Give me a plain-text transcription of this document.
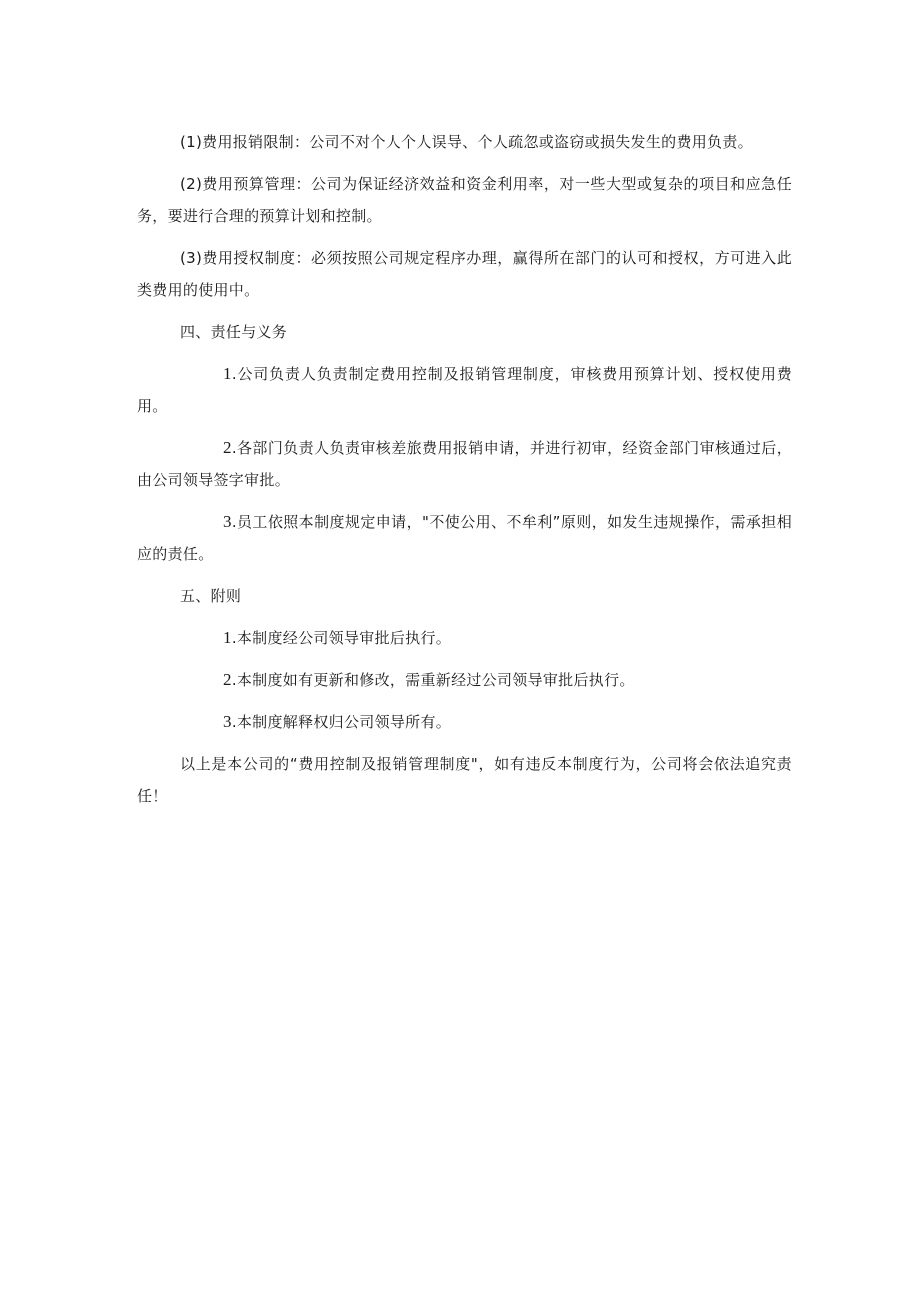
(1)费用报销限制：公司不对个人个人误导、个人疏忽或盗窃或损失发生的费用负责。

(2)费用预算管理：公司为保证经济效益和资金利用率，对一些大型或复杂的项目和应急任务，要进行合理的预算计划和控制。

(3)费用授权制度：必须按照公司规定程序办理，赢得所在部门的认可和授权，方可进入此类费用的使用中。

四、责任与义务

1.公司负责人负责制定费用控制及报销管理制度，审核费用预算计划、授权使用费用。

2.各部门负责人负责审核差旅费用报销申请，并进行初审，经资金部门审核通过后，由公司领导签字审批。

3.员工依照本制度规定申请，"不使公用、不牟利”原则，如发生违规操作，需承担相应的责任。

五、附则

1.本制度经公司领导审批后执行。

2.本制度如有更新和修改，需重新经过公司领导审批后执行。

3.本制度解释权归公司领导所有。

以上是本公司的“费用控制及报销管理制度"，如有违反本制度行为，公司将会依法追究责任！
